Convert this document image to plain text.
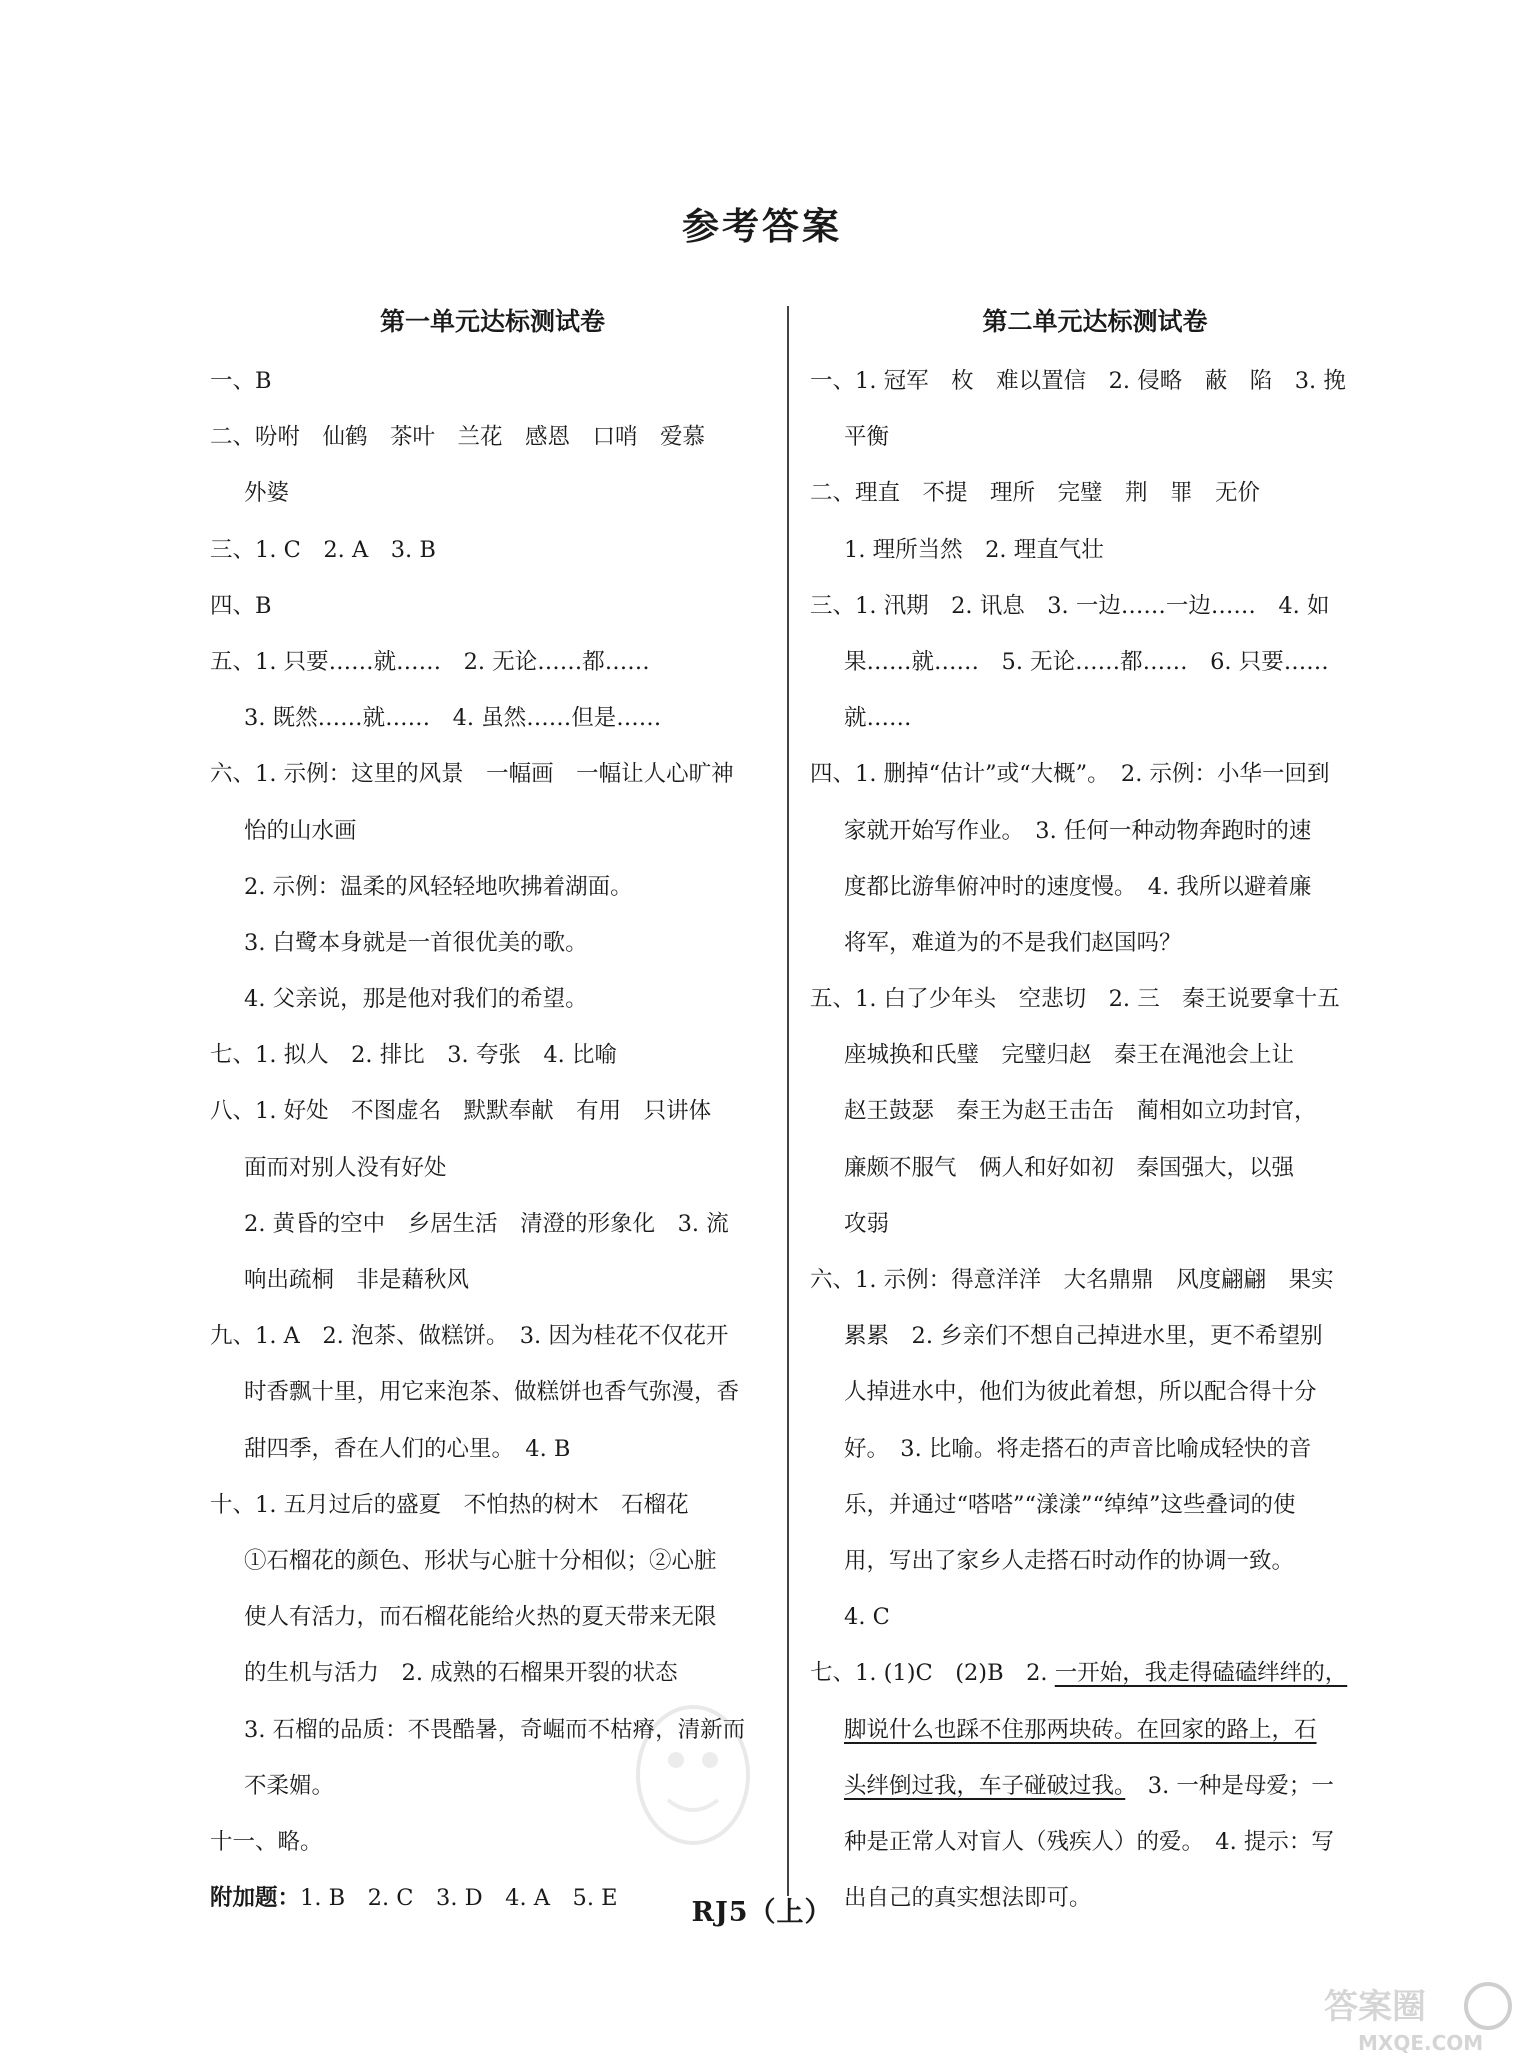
参考答案
第一单元达标测试卷
一、B
二、吩咐　仙鹤　茶叶　兰花　感恩　口哨　爱慕
外婆
三、1. C　2. A　3. B
四、B
五、1. 只要……就……　2. 无论……都……
3. 既然……就……　4. 虽然……但是……
六、1. 示例：这里的风景　一幅画　一幅让人心旷神
怡的山水画
2. 示例：温柔的风轻轻地吹拂着湖面。
3. 白鹭本身就是一首很优美的歌。
4. 父亲说，那是他对我们的希望。
七、1. 拟人　2. 排比　3. 夸张　4. 比喻
八、1. 好处　不图虚名　默默奉献　有用　只讲体
面而对别人没有好处
2. 黄昏的空中　乡居生活　清澄的形象化　3. 流
响出疏桐　非是藉秋风
九、1. A　2. 泡茶、做糕饼。　3. 因为桂花不仅花开
时香飘十里，用它来泡茶、做糕饼也香气弥漫，香
甜四季，香在人们的心里。　4. B
十、1. 五月过后的盛夏　不怕热的树木　石榴花
①石榴花的颜色、形状与心脏十分相似；②心脏
使人有活力，而石榴花能给火热的夏天带来无限
的生机与活力　2. 成熟的石榴果开裂的状态
3. 石榴的品质：不畏酷暑，奇崛而不枯瘠，清新而
不柔媚。
十一、略。
附加题：1. B　2. C　3. D　4. A　5. E
第二单元达标测试卷
一、1. 冠军　枚　难以置信　2. 侵略　蔽　陷　3. 挽
平衡
二、理直　不提　理所　完璧　荆　罪　无价
1. 理所当然　2. 理直气壮
三、1. 汛期　2. 讯息　3. 一边……一边……　4. 如
果……就……　5. 无论……都……　6. 只要……
就……
四、1. 删掉“估计”或“大概”。　2. 示例：小华一回到
家就开始写作业。　3. 任何一种动物奔跑时的速
度都比游隼俯冲时的速度慢。　4. 我所以避着廉
将军，难道为的不是我们赵国吗？
五、1. 白了少年头　空悲切　2. 三　秦王说要拿十五
座城换和氏璧　完璧归赵　秦王在渑池会上让
赵王鼓瑟　秦王为赵王击缶　蔺相如立功封官，
廉颇不服气　俩人和好如初　秦国强大，以强
攻弱
六、1. 示例：得意洋洋　大名鼎鼎　风度翩翩　果实
累累　2. 乡亲们不想自己掉进水里，更不希望别
人掉进水中，他们为彼此着想，所以配合得十分
好。　3. 比喻。将走搭石的声音比喻成轻快的音
乐，并通过“嗒嗒”“漾漾”“绰绰”这些叠词的使
用，写出了家乡人走搭石时动作的协调一致。
4. C
七、1. (1)C　(2)B　2. 一开始，我走得磕磕绊绊的，
脚说什么也踩不住那两块砖。在回家的路上，石
头绊倒过我，车子碰破过我。　3. 一种是母爱；一
种是正常人对盲人（残疾人）的爱。　4. 提示：写
出自己的真实想法即可。
RJ5（上）
答案圈
MXQE.COM
